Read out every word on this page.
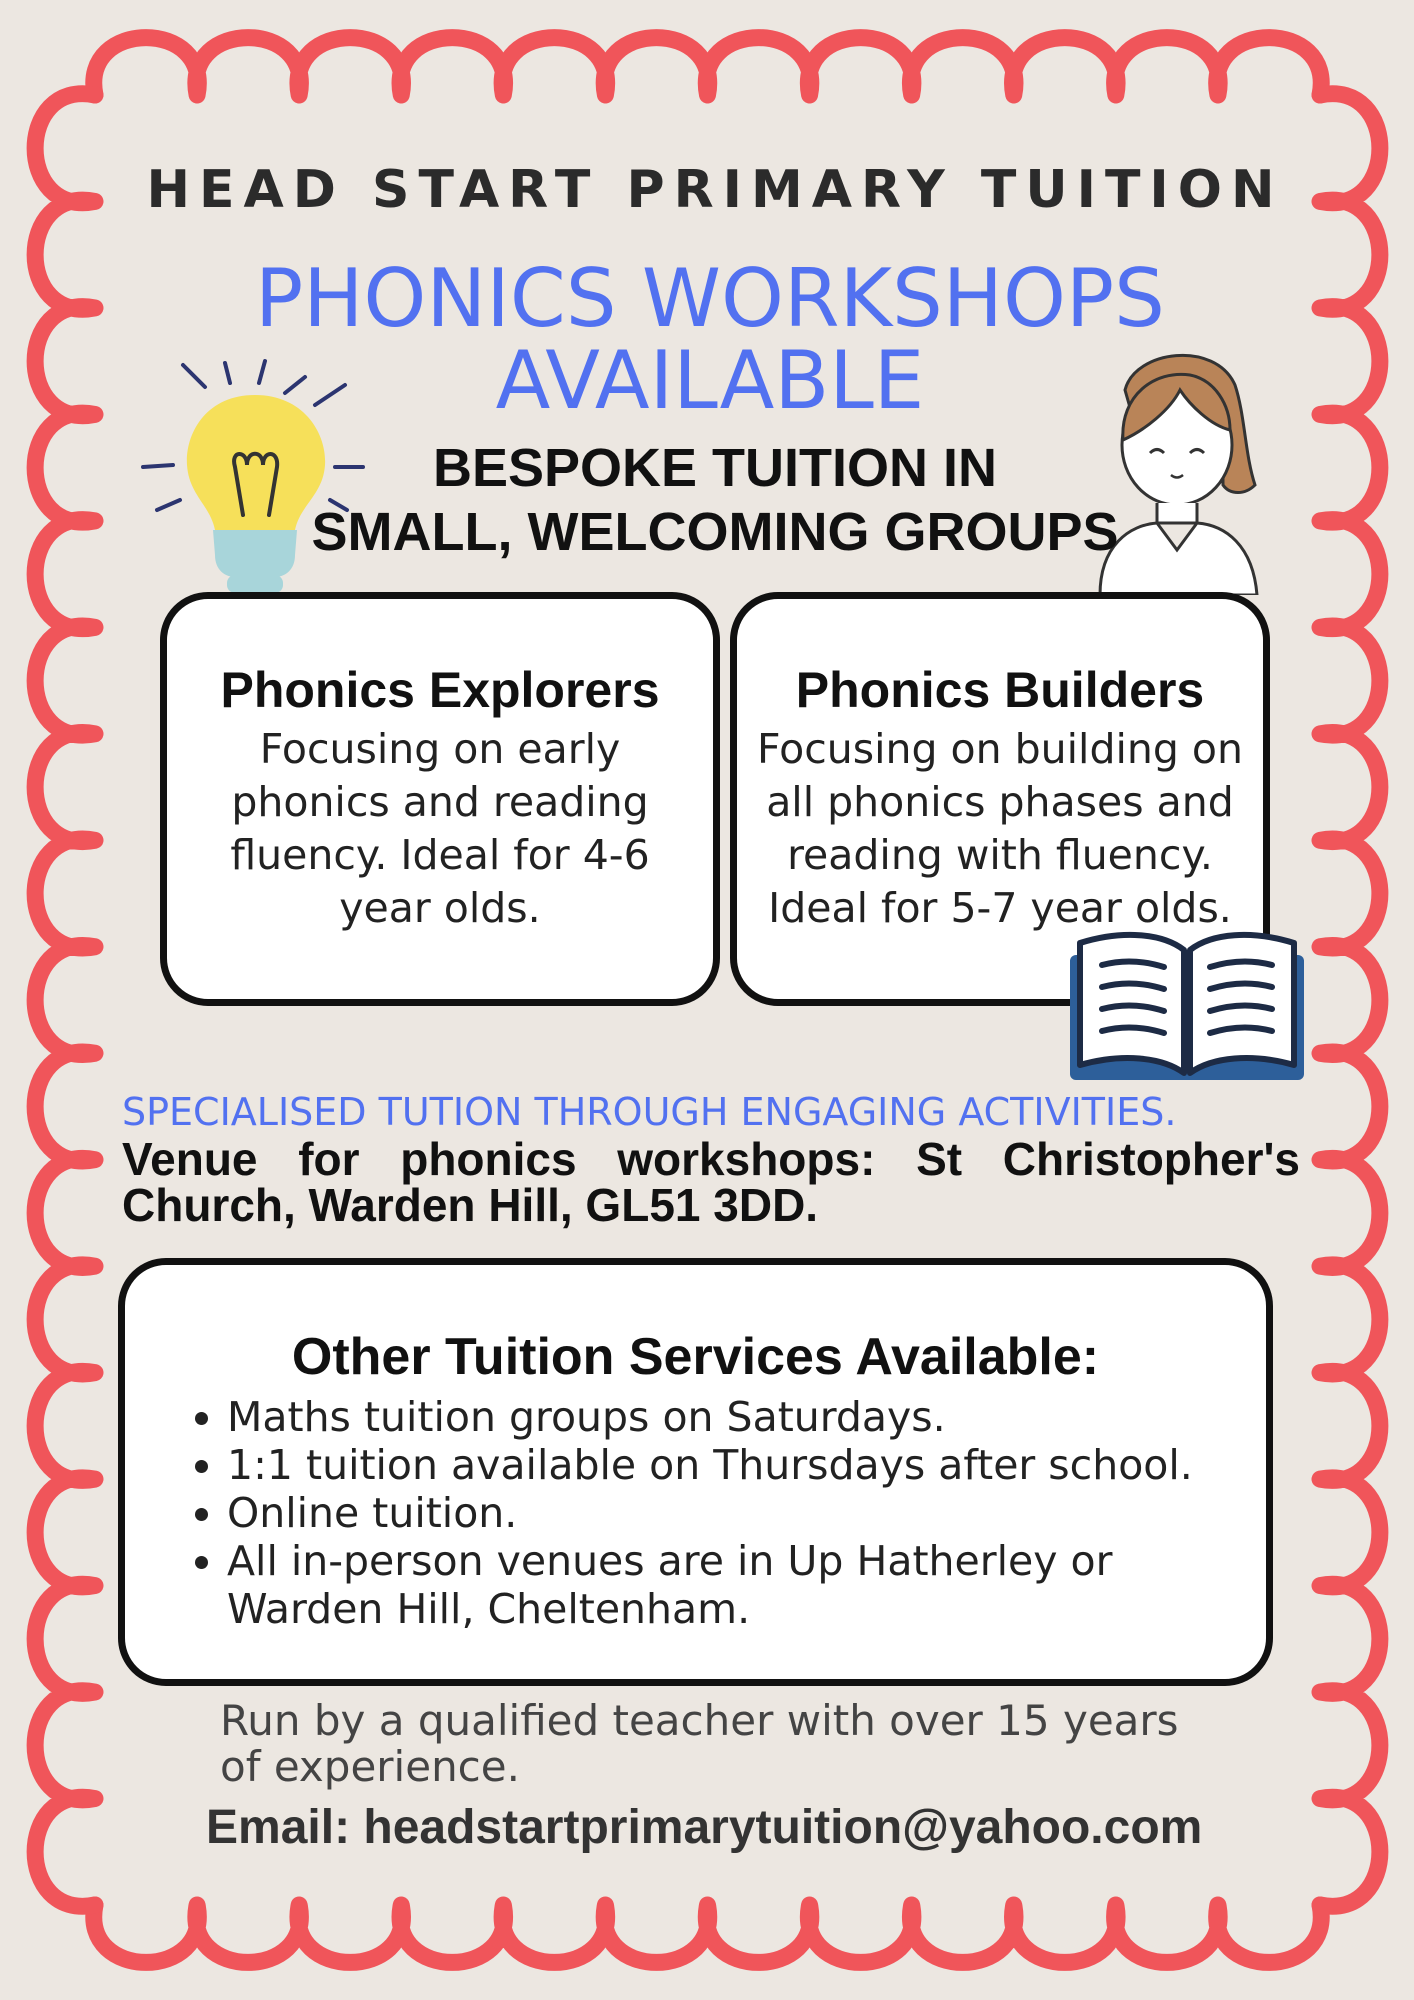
HEAD START PRIMARY TUITION
PHONICS WORKSHOPS
AVAILABLE
BESPOKE TUITION IN
SMALL, WELCOMING GROUPS
Phonics Explorers
Focusing on early
phonics and reading
fluency. Ideal for 4-6
year olds.
Phonics Builders
Focusing on building on
all phonics phases and
reading with fluency.
Ideal for 5-7 year olds.
SPECIALISED TUTION THROUGH ENGAGING ACTIVITIES.
Venue for phonics workshops: St Christopher's Church, Warden Hill, GL51 3DD.
Other Tuition Services Available:
• Maths tuition groups on Saturdays.
• 1:1 tuition available on Thursdays after school.
• Online tuition.
• All in-person venues are in Up Hatherley or Warden Hill, Cheltenham.
Run by a qualified teacher with over 15 years
of experience.
Email: headstartprimarytuition@yahoo.com
